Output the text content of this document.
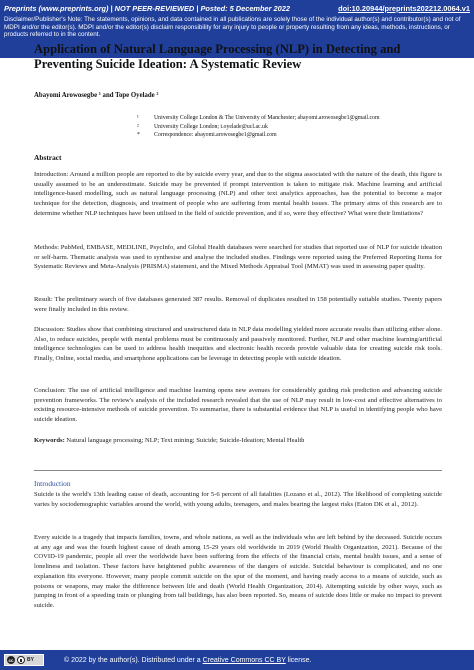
Preprints (www.preprints.org) | NOT PEER-REVIEWED | Posted: 5 December 2022	doi:10.20944/preprints202212.0064.v1
Disclaimer/Publisher's Note: The statements, opinions, and data contained in all publications are solely those of the individual author(s) and contributor(s) and not of MDPI and/or the editor(s). MDPI and/or the editor(s) disclaim responsibility for any injury to people or property resulting from any ideas, methods, instructions, or products referred to in the content.
Application of Natural Language Processing (NLP) in Detecting and Preventing Suicide Ideation: A Systematic Review
Abayomi Arowosegbe ¹ and Tope Oyelade ²
¹	University College London & The University of Manchester; abayomi.arowosegbe1@gmail.com
²	University College London; t.oyelade@ucl.ac.uk
*	Correspondence: abayomi.arowosegbe1@gmail.com
Abstract

Introduction: Around a million people are reported to die by suicide every year, and due to the stigma associated with the nature of the death, this figure is usually assumed to be an underestimate. Suicide may be prevented if prompt intervention is taken to mitigate risk. Machine learning and artificial intelligence-based modelling, such as natural language processing (NLP) and other text analytics approaches, has the potential to become a major technique for the detection, diagnosis, and treatment of people who are suffering from mental health issues. The primary aims of this research are to determine whether NLP techniques have been utilised in the field of suicide prevention, and if so, were they effective? What were their limitations?

Methods: PubMed, EMBASE, MEDLINE, PsycInfo, and Global Health databases were searched for studies that reported use of NLP for suicide ideation or self-harm. Thematic analysis was used to synthesise and analyse the included studies. Findings were reported using the Preferred Reporting Items for Systematic Reviews and Meta-Analysis (PRISMA) statement, and the Mixed Methods Appraisal Tool (MMAT) was used in assessing paper quality.

Result: The preliminary search of five databases generated 387 results. Removal of duplicates resulted in 158 potentially suitable studies. Twenty papers were finally included in this review.

Discussion: Studies show that combining structured and unstructured data in NLP data modelling yielded more accurate results than utilizing either alone. Also, to reduce suicides, people with mental problems must be continuously and passively monitored. Further, NLP and other machine learning/artificial intelligence technologies can be used to address health inequities and electronic health records provide valuable data for creating suicide risk tools. Finally, Online, social media, and smartphone applications can be leverage in detecting people with suicide ideation.

Conclusion: The use of artificial intelligence and machine learning opens new avenues for considerably guiding risk prediction and advancing suicide prevention frameworks. The review's analysis of the included research revealed that the use of NLP may result in low-cost and effective alternatives to existing resource-intensive methods of suicide prevention. To summarise, there is substantial evidence that NLP is useful in identifying people who have suicide ideation.

Keywords: Natural language processing; NLP; Text mining; Suicide; Suicide-Ideation; Mental Health

Introduction

Suicide is the world's 13th leading cause of death, accounting for 5-6 percent of all fatalities (Lozano et al., 2012). The likelihood of completing suicide varies by sociodemographic variables around the world, with young adults, teenagers, and males bearing the largest risks (Eaton DK et al., 2012).

Every suicide is a tragedy that impacts families, towns, and whole nations, as well as the individuals who are left behind by the deceased. Suicide occurs at any age and was the fourth highest cause of death among 15-29 years old worldwide in 2019 (World Health Organization, 2021). Because of the COVID-19 pandemic, people all over the worldwide have been suffering from the effects of the financial crisis, mental health issues, and a sense of loneliness and isolation. These factors have heightened public awareness of the dangers of suicide. Suicidal behaviour is complicated, and no one explanation fits everyone. However, many people commit suicide on the spur of the moment, and having ready access to a means of suicide, such as poisons or weapons, may make the difference between life and death (World Health Organization, 2014). Attempting suicide by other ways, such as jumping in front of a speeding train or plunging from tall buildings, has also been reported. So, means of suicide does little or make no impact to prevent suicide.

cc	BY	© 2022 by the author(s). Distributed under a Creative Commons CC BY license.
